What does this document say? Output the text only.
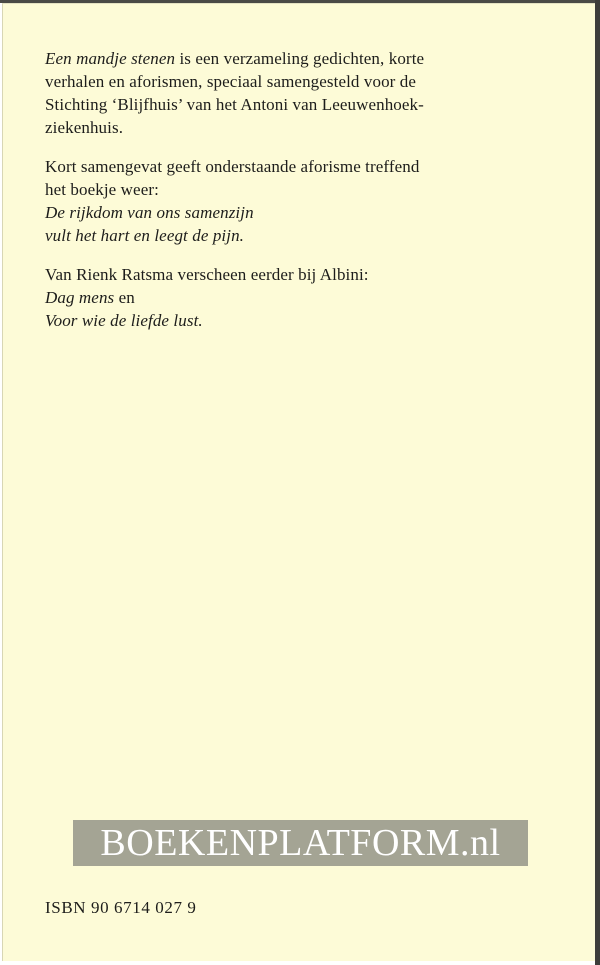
Een mandje stenen is een verzameling gedichten, korte

verhalen en aforismen, speciaal samengesteld voor de

Stichting ‘Blijfhuis’ van het Antoni van Leeuwenhoek-

ziekenhuis.

Kort samengevat geeft onderstaande aforisme treffend

het boekje weer:

De rijkdom van ons samenzijn

vult het hart en leegt de pijn.

Van Rienk Ratsma verscheen eerder bij Albini:

Dag mens en

Voor wie de liefde lust.

BOEKENPLATFORM.nl
ISBN 90 6714 027 9
